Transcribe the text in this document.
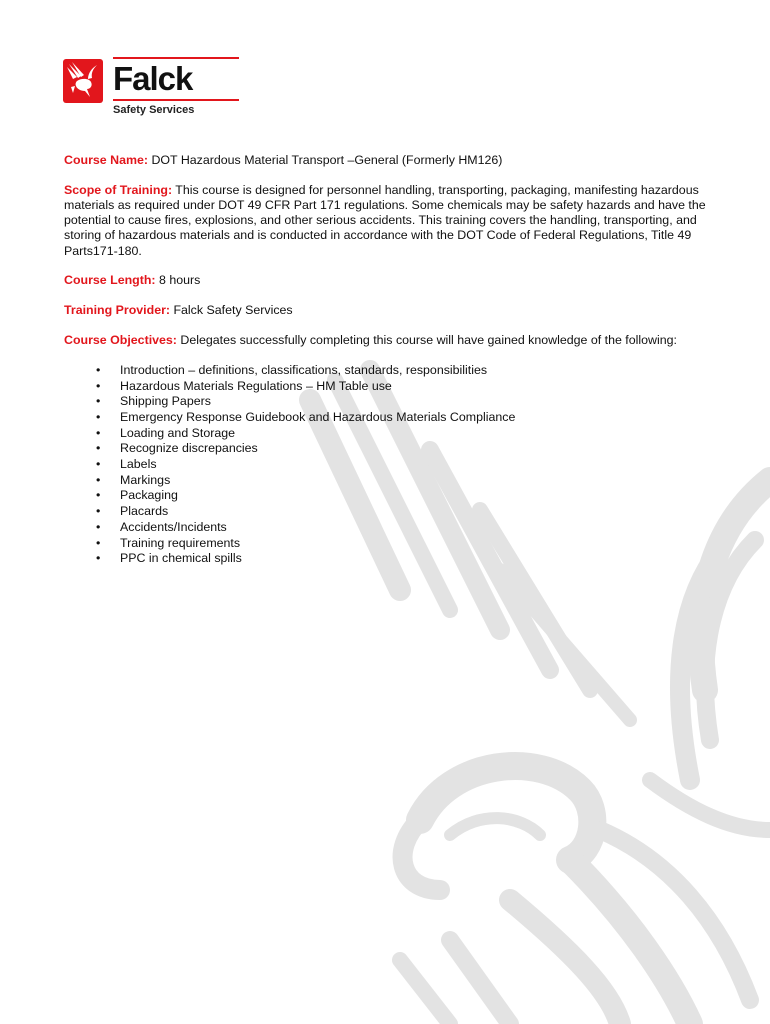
Falck
Safety Services

Course Name: DOT Hazardous Material Transport –General (Formerly HM126)

Scope of Training: This course is designed for personnel handling, transporting, packaging, manifesting hazardous materials as required under DOT 49 CFR Part 171 regulations. Some chemicals may be safety hazards and have the potential to cause fires, explosions, and other serious accidents. This training covers the handling, transporting, and storing of hazardous materials and is conducted in accordance with the DOT Code of Federal Regulations, Title 49 Parts171-180.

Course Length: 8 hours

Training Provider: Falck Safety Services

Course Objectives: Delegates successfully completing this course will have gained knowledge of the following:

• Introduction – definitions, classifications, standards, responsibilities
• Hazardous Materials Regulations – HM Table use
• Shipping Papers
• Emergency Response Guidebook and Hazardous Materials Compliance
• Loading and Storage
• Recognize discrepancies
• Labels
• Markings
• Packaging
• Placards
• Accidents/Incidents
• Training requirements
• PPC in chemical spills
